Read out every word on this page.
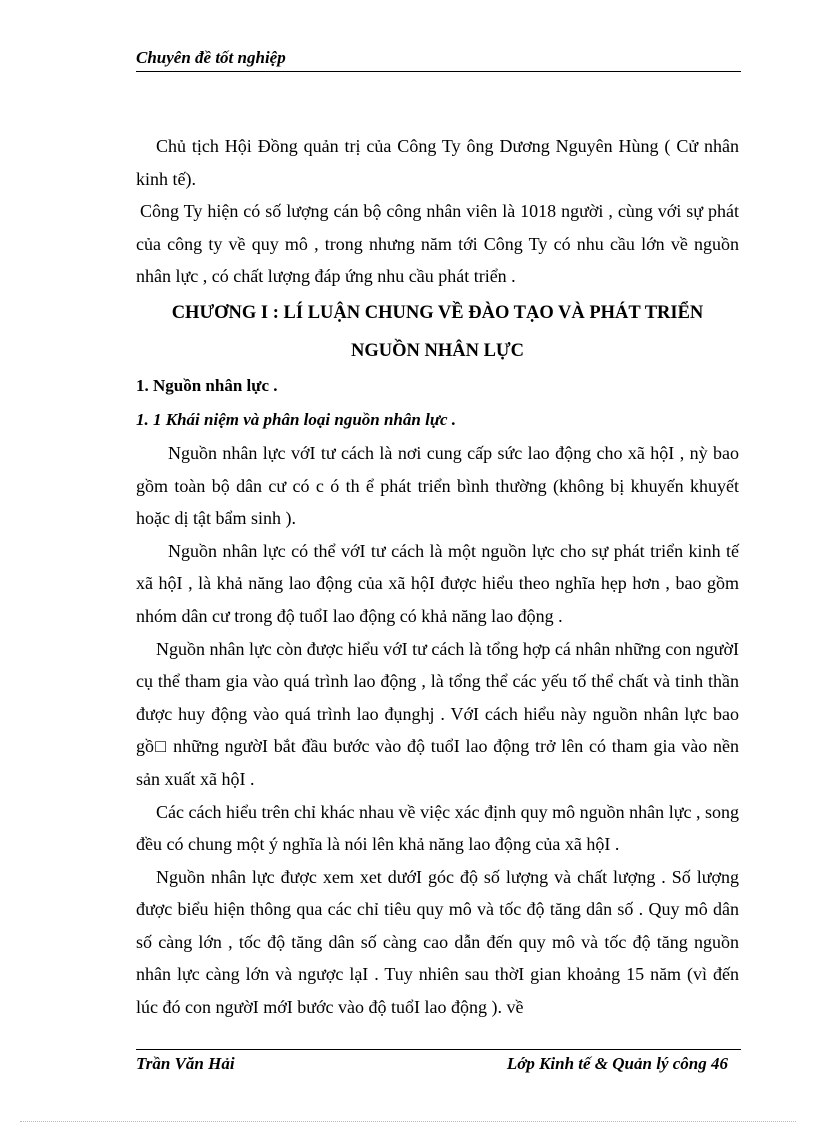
Chuyên đề tốt nghiệp

Chủ tịch Hội Đồng quản trị của Công Ty ông Dương Nguyên Hùng ( Cử nhân kinh tế).

Công Ty hiện có số lượng cán bộ công nhân viên là 1018 người , cùng với sự phát của công ty về quy mô , trong nhưng năm tới Công Ty có nhu cầu lớn về nguồn nhân lực , có chất lượng đáp ứng nhu cầu phát triển .

CHƯƠNG I : LÍ LUẬN CHUNG VỀ ĐÀO TẠO VÀ PHÁT TRIỂN

NGUỒN NHÂN LỰC

1. Nguồn nhân lực .

1. 1 Khái niệm và phân loại nguồn nhân lực .

Nguồn nhân lực vớI tư cách là nơi cung cấp sức lao động cho xã hộI , nỳ bao gồm toàn bộ dân cư có c ó th ể phát triển bình thường (không bị khuyến khuyết hoặc dị tật bẩm sinh ).

Nguồn nhân lực có thể vớI tư cách là một nguồn lực cho sự phát triển kinh tế xã hộI , là khả năng lao động của xã hộI được hiểu theo nghĩa hẹp hơn , bao gồm nhóm dân cư trong độ tuổI lao động có khả năng lao động .

Nguồn nhân lực còn được hiểu vớI tư cách là tổng hợp cá nhân những con ngườI cụ thể tham gia vào quá trình lao động , là tổng thể các yếu tố thể chất và tinh thần được huy động vào quá trình lao đụnghj . VớI cách hiểu này nguồn nhân lực bao gồ□ những ngườI bắt đầu bước vào độ tuổI lao động trở lên có tham gia vào nền sản xuất xã hộI .

Các cách hiểu trên chỉ khác nhau về việc xác định quy mô nguồn nhân lực , song đều có chung một ý nghĩa là nói lên khả năng lao động của xã hộI .

Nguồn nhân lực được xem xet dướI góc độ số lượng và chất lượng . Số lượng được biểu hiện thông qua các chỉ tiêu quy mô và tốc độ tăng dân số . Quy mô dân số càng lớn , tốc độ tăng dân số càng cao dẫn đến quy mô và tốc độ tăng nguồn nhân lực càng lớn và ngược lạI . Tuy nhiên sau thờI gian khoảng 15 năm (vì đến lúc đó con ngườI mớI bước vào độ tuổI lao động ). về

Trần Văn Hải	Lớp Kinh tế & Quản lý công 46
